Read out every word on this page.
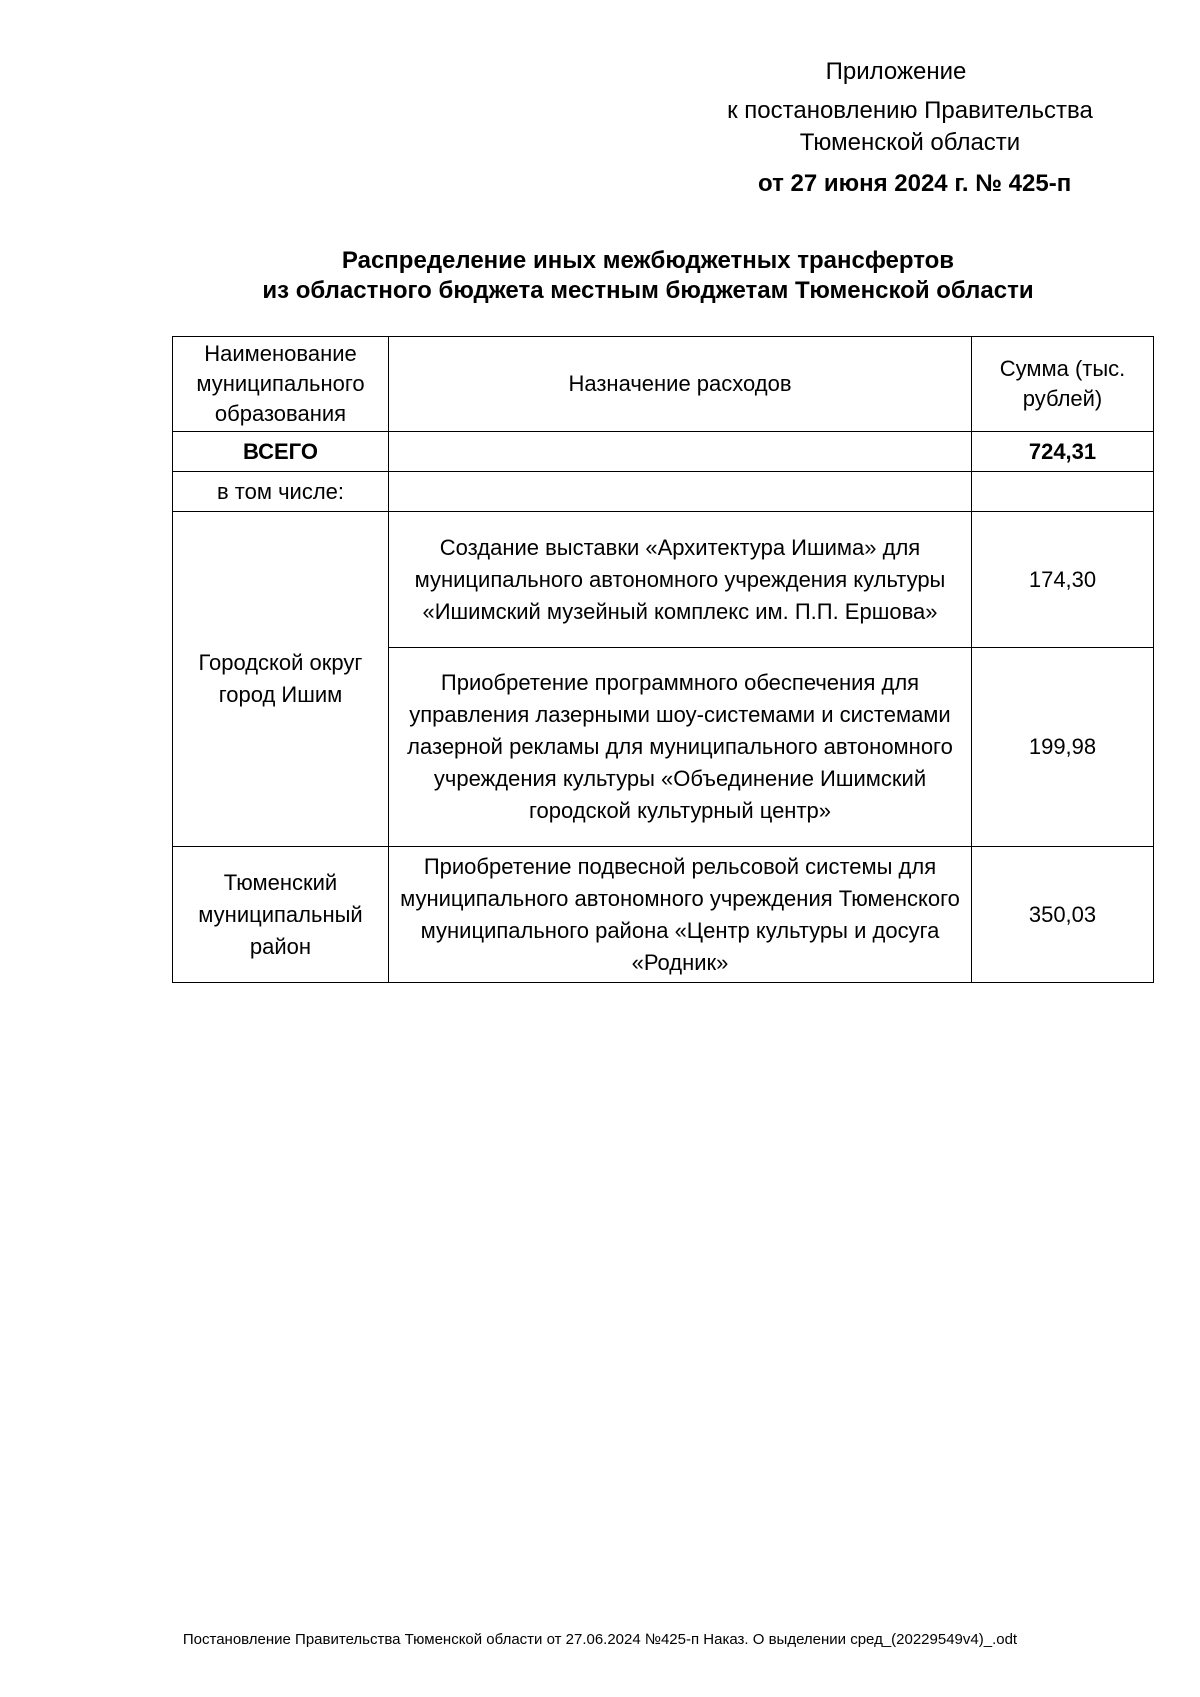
Приложение
к постановлению Правительства
Тюменской области
от 27 июня 2024 г. № 425-п
Распределение иных межбюджетных трансфертов
из областного бюджета местным бюджетам Тюменской области
Наименование муниципального образования	Назначение расходов	Сумма (тыс. рублей)
ВСЕГО		724,31
в том числе:		
Городской округ город Ишим	Создание выставки «Архитектура Ишима» для муниципального автономного учреждения культуры «Ишимский музейный комплекс им. П.П. Ершова»	174,30
	Приобретение программного обеспечения для управления лазерными шоу-системами и системами лазерной рекламы для муниципального автономного учреждения культуры «Объединение Ишимский городской культурный центр»	199,98
Тюменский муниципальный район	Приобретение подвесной рельсовой системы для муниципального автономного учреждения Тюменского муниципального района «Центр культуры и досуга «Родник»	350,03
Постановление Правительства Тюменской области от 27.06.2024 №425-п Наказ. О выделении сред_(20229549v4)_.odt
